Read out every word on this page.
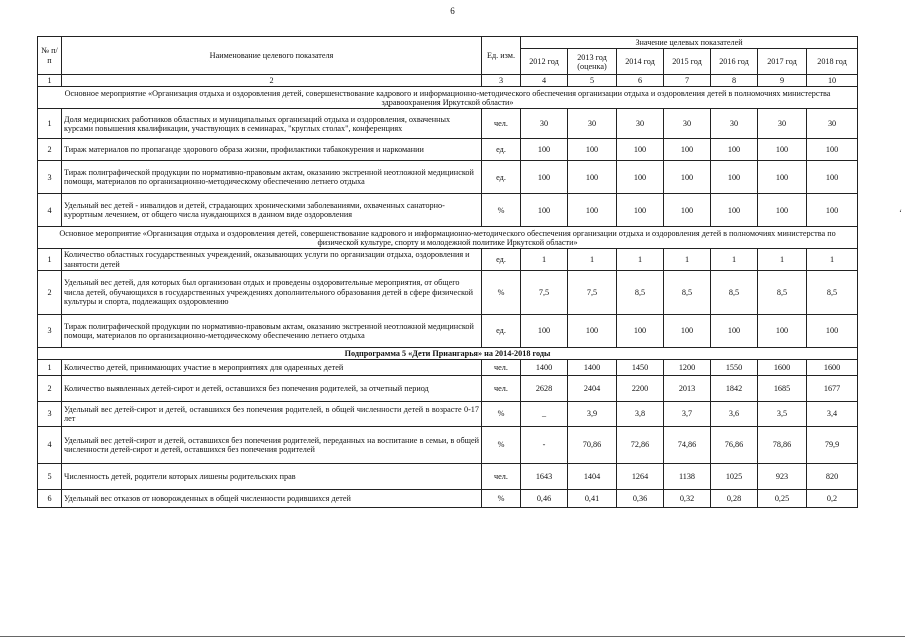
6
№ п/п	Наименование целевого показателя	Ед. изм.	Значение целевых показателей						
			2012 год	2013 год (оценка)	2014 год	2015 год	2016 год	2017 год	2018 год
1	2	3	4	5	6	7	8	9	10
Основное мероприятие «Организация отдыха и оздоровления детей, совершенствование кадрового и информационно-методического обеспечения организации отдыха и оздоровления детей в полномочиях министерства здравоохранения Иркутской области»									
1	Доля медицинских работников областных и муниципальных организаций отдыха и оздоровления, охваченных курсами повышения квалификации, участвующих в семинарах, "круглых столах", конференциях	чел.	30	30	30	30	30	30	30
2	Тираж материалов по пропаганде здорового образа жизни, профилактики табакокурения и наркомании	ед.	100	100	100	100	100	100	100
3	Тираж полиграфической продукции по нормативно-правовым актам, оказанию экстренной неотложной медицинской помощи, материалов по организационно-методическому обеспечению летнего отдыха	ед.	100	100	100	100	100	100	100
4	Удельный вес детей - инвалидов и детей, страдающих хроническими заболеваниями, охваченных санаторно-курортным лечением, от общего числа нуждающихся в данном виде оздоровления	%	100	100	100	100	100	100	100
Основное мероприятие «Организация отдыха и оздоровления детей, совершенствование кадрового и информационно-методического обеспечения организации отдыха и оздоровления детей в полномочиях министерства по физической культуре, спорту и молодежной политике Иркутской области»									
1	Количество областных государственных учреждений, оказывающих услуги по организации отдыха, оздоровления и занятости детей	ед.	1	1	1	1	1	1	1
2	Удельный вес детей, для которых был организован отдых и проведены оздоровительные мероприятия, от общего числа детей, обучающихся в государственных учреждениях дополнительного образования детей в сфере физической культуры и спорта, подлежащих оздоровлению	%	7,5	7,5	8,5	8,5	8,5	8,5	8,5
3	Тираж полиграфической продукции по нормативно-правовым актам, оказанию экстренной неотложной медицинской помощи, материалов по организационно-методическому обеспечению летнего отдыха	ед.	100	100	100	100	100	100	100
Подпрограмма 5 «Дети Приангарья» на 2014-2018 годы									
1	Количество детей, принимающих участие в мероприятиях для одаренных детей	чел.	1400	1400	1450	1200	1550	1600	1600
2	Количество выявленных детей-сирот и детей, оставшихся без попечения родителей, за отчетный период	чел.	2628	2404	2200	2013	1842	1685	1677
3	Удельный вес детей-сирот и детей, оставшихся без попечения родителей, в общей численности детей в возрасте 0-17 лет	%	_	3,9	3,8	3,7	3,6	3,5	3,4
4	Удельный вес детей-сирот и детей, оставшихся без попечения родителей, переданных на воспитание в семьи, в общей численности детей-сирот и детей, оставшихся без попечения родителей	%	-	70,86	72,86	74,86	76,86	78,86	79,9
5	Численность детей, родители которых лишены родительских прав	чел.	1643	1404	1264	1138	1025	923	820
6	Удельный вес отказов от новорожденных в общей численности родившихся детей	%	0,46	0,41	0,36	0,32	0,28	0,25	0,2
‘
